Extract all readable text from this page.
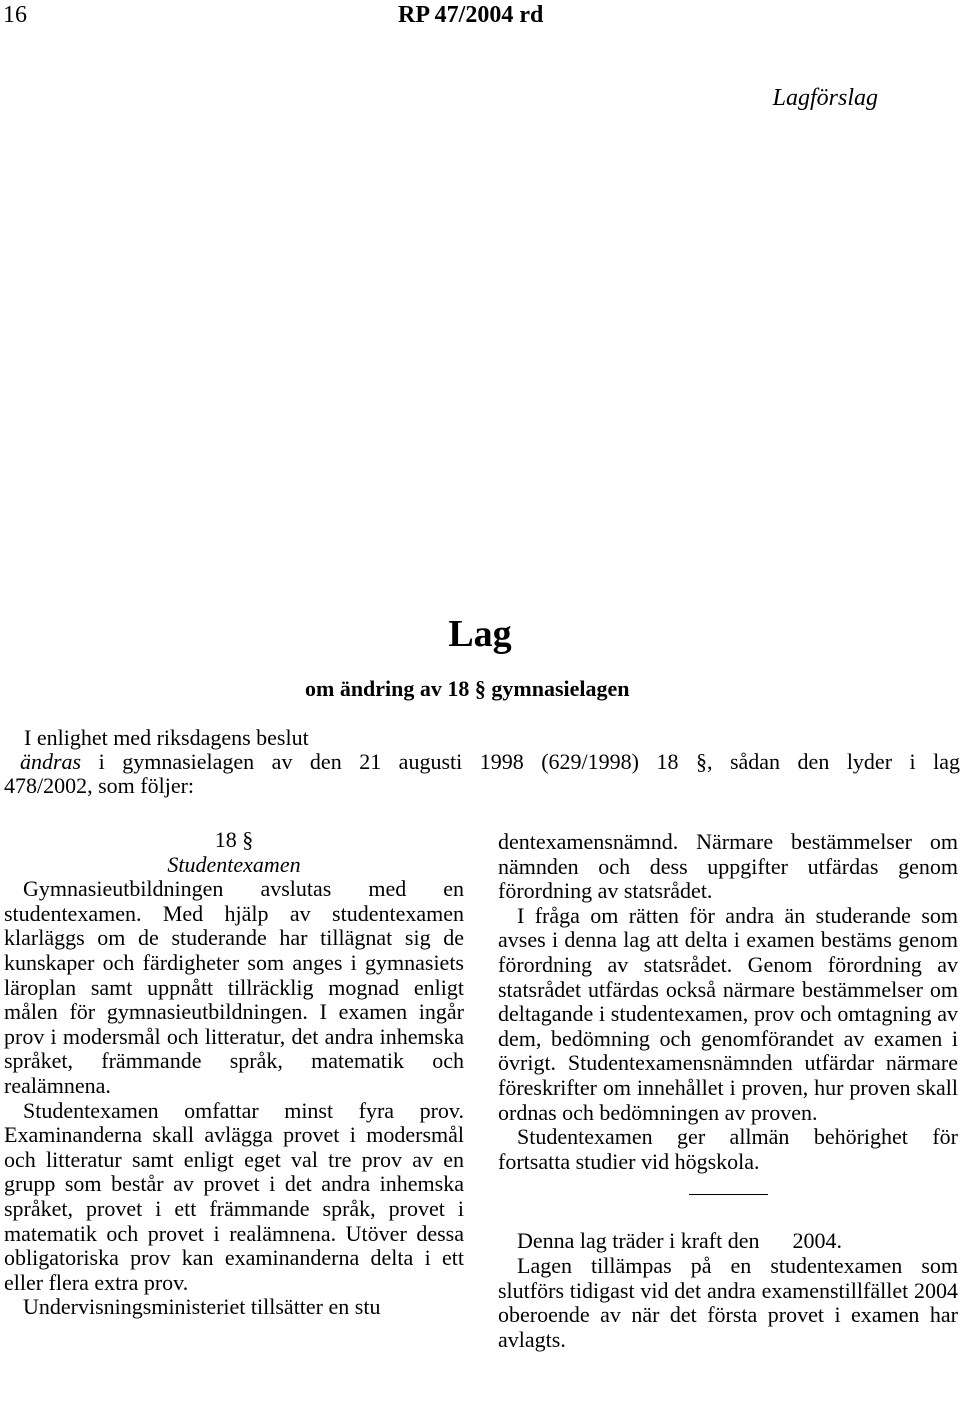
16	RP 47/2004 rd
Lagförslag
Lag
om ändring av 18 § gymnasielagen

I enlighet med riksdagens beslut

ändras i gymnasielagen av den 21 augusti 1998 (629/1998) 18 §, sådan den lyder i lag

478/2002, som följer:

18 §

Studentexamen

Gymnasieutbildningen avslutas med en studentexamen. Med hjälp av studentexamen klarläggs om de studerande har tillägnat sig de kunskaper och färdigheter som anges i gymnasiets läroplan samt uppnått tillräcklig mognad enligt målen för gymnasieutbildningen. I examen ingår prov i modersmål och litteratur, det andra inhemska språket, främmande språk, matematik och realämnena.

Studentexamen omfattar minst fyra prov. Examinanderna skall avlägga provet i modersmål och litteratur samt enligt eget val tre prov av en grupp som består av provet i det andra inhemska språket, provet i ett främmande språk, provet i matematik och provet i realämnena. Utöver dessa obligatoriska prov kan examinanderna delta i ett eller flera extra prov.

Undervisningsministeriet tillsätter en stu

dentexamensnämnd. Närmare bestämmelser om nämnden och dess uppgifter utfärdas genom förordning av statsrådet.

I fråga om rätten för andra än studerande som avses i denna lag att delta i examen bestäms genom förordning av statsrådet. Genom förordning av statsrådet utfärdas också närmare bestämmelser om deltagande i studentexamen, prov och omtagning av dem, bedömning och genomförandet av examen i övrigt. Studentexamensnämnden utfärdar närmare föreskrifter om innehållet i proven, hur proven skall ordnas och bedömningen av proven.

Studentexamen ger allmän behörighet för fortsatta studier vid högskola.

Denna lag träder i kraft den      2004.

Lagen tillämpas på en studentexamen som slutförs tidigast vid det andra examenstillfället 2004 oberoende av när det första provet i examen har avlagts.
